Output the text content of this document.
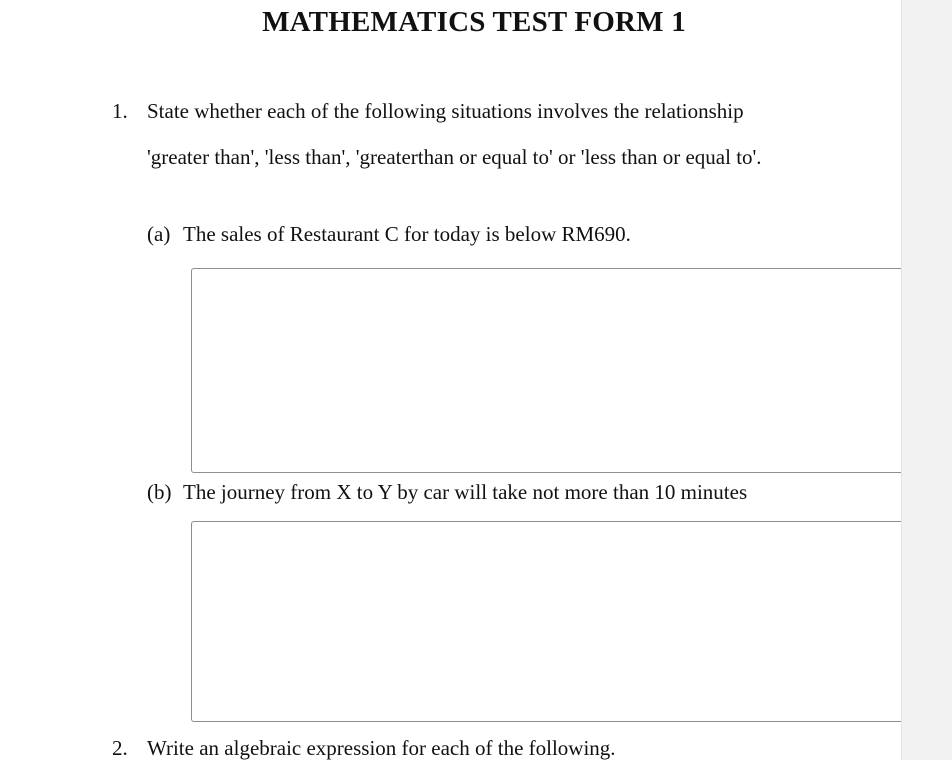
MATHEMATICS TEST FORM 1
1. State whether each of the following situations involves the relationship
'greater than', 'less than', 'greaterthan or equal to' or 'less than or equal to'.
(a) The sales of Restaurant C for today is below RM690.
(b) The journey from X to Y by car will take not more than 10 minutes
2. Write an algebraic expression for each of the following.
